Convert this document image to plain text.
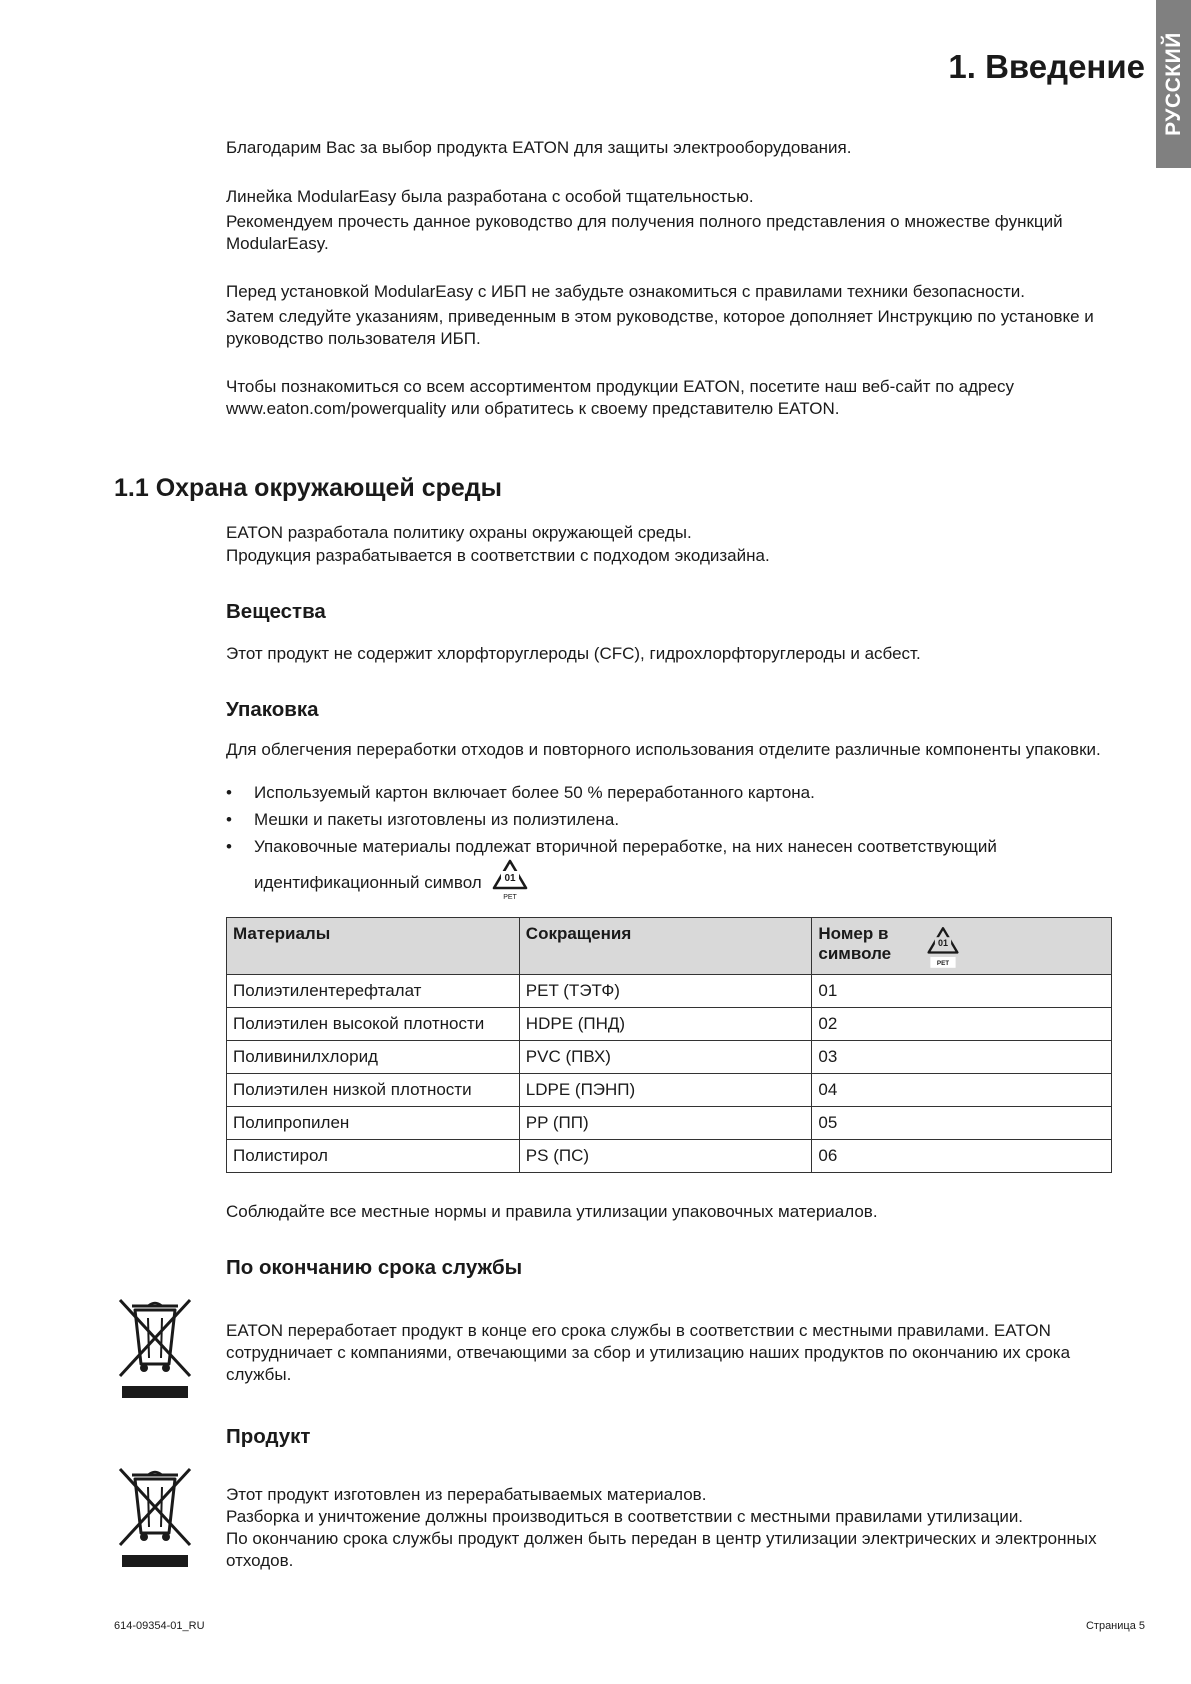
РУССКИЙ
1. Введение

Благодарим Вас за выбор продукта EATON для защиты электрооборудования.

Линейка ModularEasy была разработана с особой тщательностью.

Рекомендуем прочесть данное руководство для получения полного представления о множестве функций ModularEasy.

Перед установкой ModularEasy с ИБП не забудьте ознакомиться с правилами техники безопасности.

Затем следуйте указаниям, приведенным в этом руководстве, которое дополняет Инструкцию по установке и руководство пользователя ИБП.

Чтобы познакомиться со всем ассортиментом продукции EATON, посетите наш веб-сайт по адресу www.eaton.com/powerquality или обратитесь к своему представителю EATON.

1.1 Охрана окружающей среды

EATON разработала политику охраны окружающей среды.

Продукция разрабатывается в соответствии с подходом экодизайна.

Вещества

Этот продукт не содержит хлорфторуглероды (CFC), гидрохлорфторуглероды и асбест.

Упаковка

Для облегчения переработки отходов и повторного использования отделите различные компоненты упаковки.

• Используемый картон включает более 50 % переработанного картона.
• Мешки и пакеты изготовлены из полиэтилена.
• Упаковочные материалы подлежат вторичной переработке, на них нанесен соответствующий идентификационный символ 01
PET
Материалы	Сокращения	Номер в символе
01
PET

Полиэтилентерефталат	PET (ТЭТФ)	01
Полиэтилен высокой плотности	HDPE (ПНД)	02
Поливинилхлорид	PVC (ПВХ)	03
Полиэтилен низкой плотности	LDPE (ПЭНП)	04
Полипропилен	PP (ПП)	05
Полистирол	PS (ПС)	06

Соблюдайте все местные нормы и правила утилизации упаковочных материалов.

По окончанию срока службы

EATON переработает продукт в конце его срока службы в соответствии с местными правилами. EATON сотрудничает с компаниями, отвечающими за сбор и утилизацию наших продуктов по окончанию их срока службы.

Продукт

Этот продукт изготовлен из перерабатываемых материалов.

Разборка и уничтожение должны производиться в соответствии с местными правилами утилизации.

По окончанию срока службы продукт должен быть передан в центр утилизации электрических и электронных отходов.

614-09354-01_RU	Страница 5
